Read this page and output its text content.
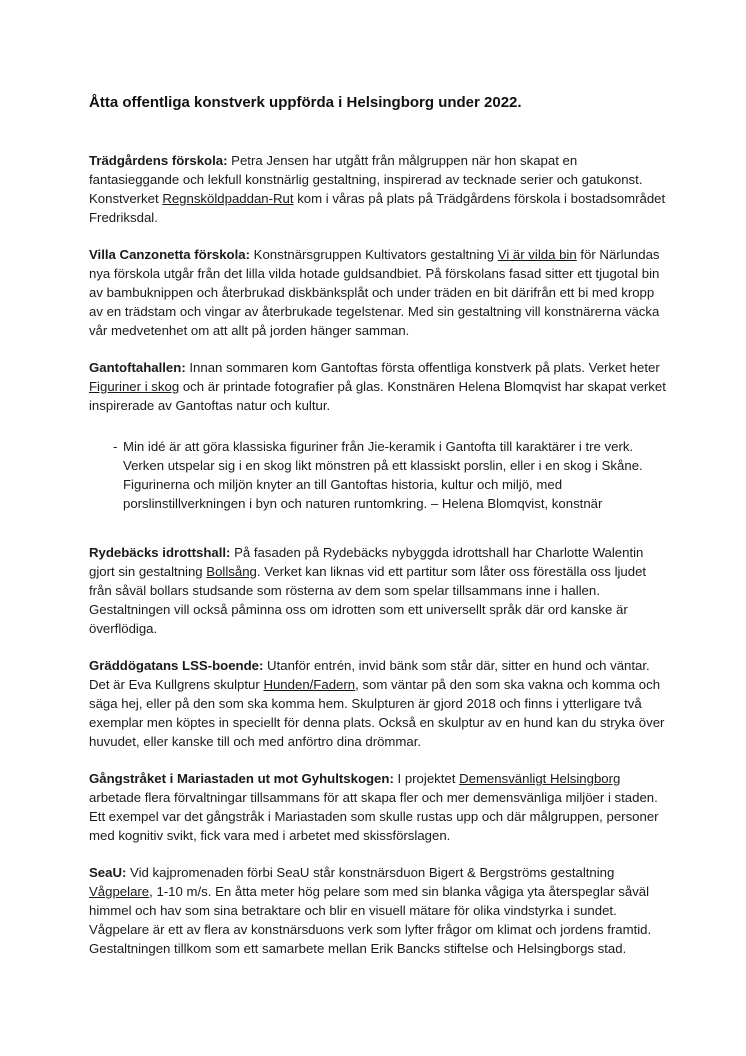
Åtta offentliga konstverk uppförda i Helsingborg under 2022.

Trädgårdens förskola: Petra Jensen har utgått från målgruppen när hon skapat en fantasieggande och lekfull konstnärlig gestaltning, inspirerad av tecknade serier och gatukonst. Konstverket Regnsköldpaddan-Rut kom i våras på plats på Trädgårdens förskola i bostadsområdet Fredriksdal.

Villa Canzonetta förskola: Konstnärsgruppen Kultivators gestaltning Vi är vilda bin för Närlundas nya förskola utgår från det lilla vilda hotade guldsandbiet. På förskolans fasad sitter ett tjugotal bin av bambuknippen och återbrukad diskbänksplåt och under träden en bit därifrån ett bi med kropp av en trädstam och vingar av återbrukade tegelstenar. Med sin gestaltning vill konstnärerna väcka vår medvetenhet om att allt på jorden hänger samman.

Gantoftahallen: Innan sommaren kom Gantoftas första offentliga konstverk på plats. Verket heter Figuriner i skog och är printade fotografier på glas. Konstnären Helena Blomqvist har skapat verket inspirerade av Gantoftas natur och kultur.

- Min idé är att göra klassiska figuriner från Jie-keramik i Gantofta till karaktärer i tre verk. Verken utspelar sig i en skog likt mönstren på ett klassiskt porslin, eller i en skog i Skåne. Figurinerna och miljön knyter an till Gantoftas historia, kultur och miljö, med porslinstillverkningen i byn och naturen runtomkring. – Helena Blomqvist, konstnär

Rydebäcks idrottshall: På fasaden på Rydebäcks nybyggda idrottshall har Charlotte Walentin gjort sin gestaltning Bollsång. Verket kan liknas vid ett partitur som låter oss föreställa oss ljudet från såväl bollars studsande som rösterna av dem som spelar tillsammans inne i hallen. Gestaltningen vill också påminna oss om idrotten som ett universellt språk där ord kanske är överflödiga.

Gräddögatans LSS-boende: Utanför entrén, invid bänk som står där, sitter en hund och väntar. Det är Eva Kullgrens skulptur Hunden/Fadern, som väntar på den som ska vakna och komma och säga hej, eller på den som ska komma hem. Skulpturen är gjord 2018 och finns i ytterligare två exemplar men köptes in speciellt för denna plats. Också en skulptur av en hund kan du stryka över huvudet, eller kanske till och med anförtro dina drömmar.

Gångstråket i Mariastaden ut mot Gyhultskogen: I projektet Demensvänligt Helsingborg arbetade flera förvaltningar tillsammans för att skapa fler och mer demensvänliga miljöer i staden. Ett exempel var det gångstråk i Mariastaden som skulle rustas upp och där målgruppen, personer med kognitiv svikt, fick vara med i arbetet med skissförslagen.

SeaU: Vid kajpromenaden förbi SeaU står konstnärsduon Bigert & Bergströms gestaltning Vågpelare, 1-10 m/s. En åtta meter hög pelare som med sin blanka vågiga yta återspeglar såväl himmel och hav som sina betraktare och blir en visuell mätare för olika vindstyrka i sundet. Vågpelare är ett av flera av konstnärsduons verk som lyfter frågor om klimat och jordens framtid. Gestaltningen tillkom som ett samarbete mellan Erik Bancks stiftelse och Helsingborgs stad.
